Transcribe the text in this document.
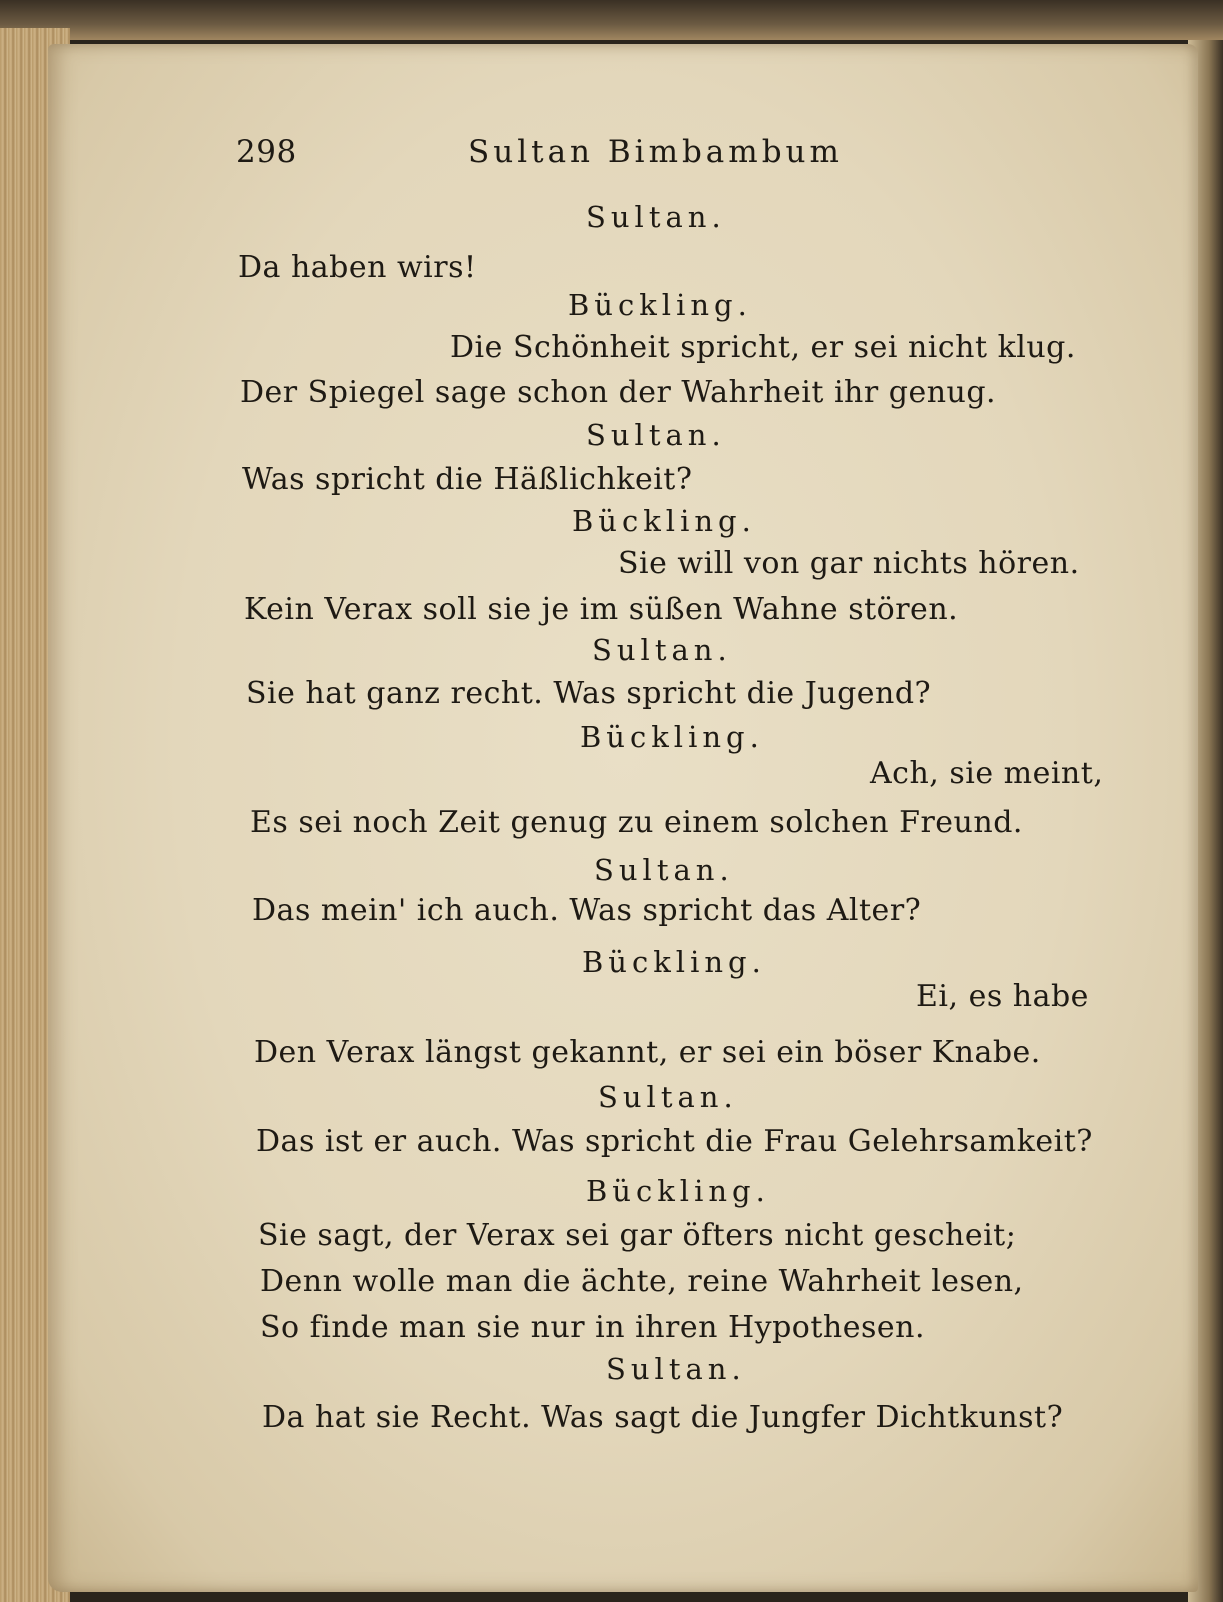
298	Sultan Bimbambum
Sultan.
Da haben wirs!
Bückling.
Die Schönheit spricht, er sei nicht klug.
Der Spiegel sage schon der Wahrheit ihr genug.
Sultan.
Was spricht die Häßlichkeit?
Bückling.
Sie will von gar nichts hören.
Kein Verax soll sie je im süßen Wahne stören.
Sultan.
Sie hat ganz recht. Was spricht die Jugend?
Bückling.
Ach, sie meint,
Es sei noch Zeit genug zu einem solchen Freund.
Sultan.
Das mein' ich auch. Was spricht das Alter?
Bückling.
Ei, es habe
Den Verax längst gekannt, er sei ein böser Knabe.
Sultan.
Das ist er auch. Was spricht die Frau Gelehrsamkeit?
Bückling.
Sie sagt, der Verax sei gar öfters nicht gescheit;
Denn wolle man die ächte, reine Wahrheit lesen,
So finde man sie nur in ihren Hypothesen.
Sultan.
Da hat sie Recht. Was sagt die Jungfer Dichtkunst?
